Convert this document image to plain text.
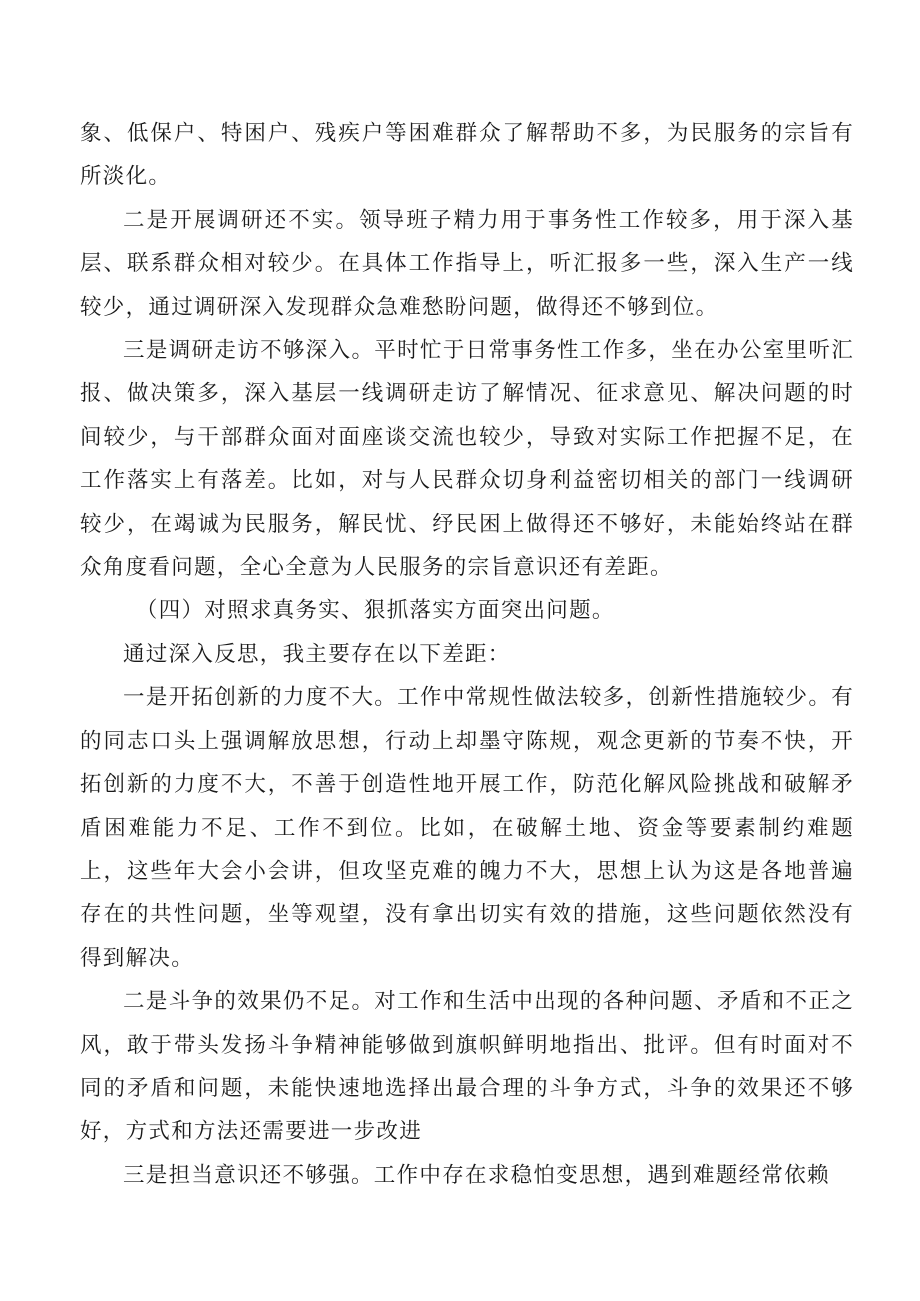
象、低保户、特困户、残疾户等困难群众了解帮助不多，为民服务的宗旨有所淡化。

二是开展调研还不实。领导班子精力用于事务性工作较多，用于深入基层、联系群众相对较少。在具体工作指导上，听汇报多一些，深入生产一线较少，通过调研深入发现群众急难愁盼问题，做得还不够到位。

三是调研走访不够深入。平时忙于日常事务性工作多，坐在办公室里听汇报、做决策多，深入基层一线调研走访了解情况、征求意见、解决问题的时间较少，与干部群众面对面座谈交流也较少，导致对实际工作把握不足，在工作落实上有落差。比如，对与人民群众切身利益密切相关的部门一线调研较少，在竭诚为民服务，解民忧、纾民困上做得还不够好，未能始终站在群众角度看问题，全心全意为人民服务的宗旨意识还有差距。

（四）对照求真务实、狠抓落实方面突出问题。

通过深入反思，我主要存在以下差距：

一是开拓创新的力度不大。工作中常规性做法较多，创新性措施较少。有的同志口头上强调解放思想，行动上却墨守陈规，观念更新的节奏不快，开拓创新的力度不大，不善于创造性地开展工作，防范化解风险挑战和破解矛盾困难能力不足、工作不到位。比如，在破解土地、资金等要素制约难题上，这些年大会小会讲，但攻坚克难的魄力不大，思想上认为这是各地普遍存在的共性问题，坐等观望，没有拿出切实有效的措施，这些问题依然没有得到解决。

二是斗争的效果仍不足。对工作和生活中出现的各种问题、矛盾和不正之风，敢于带头发扬斗争精神能够做到旗帜鲜明地指出、批评。但有时面对不同的矛盾和问题，未能快速地选择出最合理的斗争方式，斗争的效果还不够好，方式和方法还需要进一步改进

三是担当意识还不够强。工作中存在求稳怕变思想，遇到难题经常依赖
